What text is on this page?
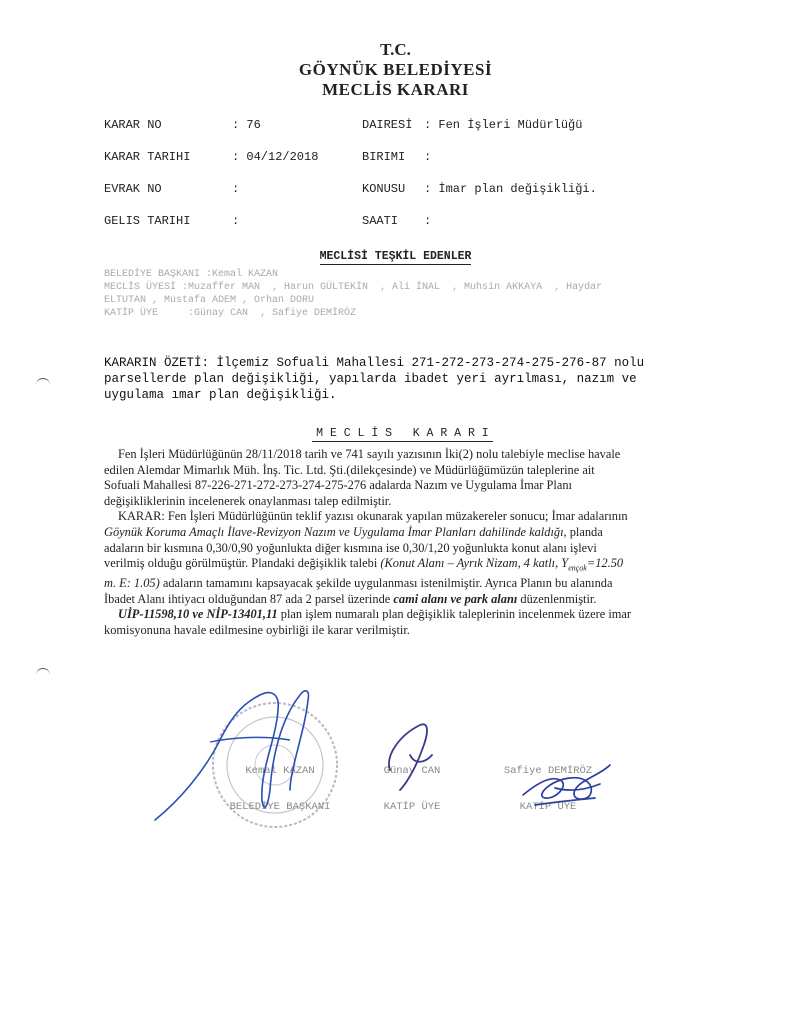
T.C.
GÖYNÜK BELEDİYESİ
MECLİS KARARI
KARAR NO	: 76	DAIRESİ : Fen İşleri Müdürlüğü
KARAR TARIHI	: 04/12/2018	BIRIMI :
EVRAK NO	:	KONUSU : İmar plan değişikliği.
GELIS TARIHI	:	SAATI :
MECLİSİ TEŞKİL EDENLER
BELEDİYE BAŞKANI :Kemal KAZAN
MECLİS ÜYESİ :Muzaffer MAN  , Harun GÜLTEKİN  , Ali İNAL  , Muhsin AKKAYA  , Haydar
ELTUTAN , Mustafa ADEM , Orhan DORU
KATİP ÜYE     :Günay CAN  , Safiye DEMİRÖZ
KARARIN ÖZETİ: İlçemiz Sofuali Mahallesi 271-272-273-274-275-276-87 nolu
parsellerde plan değişikliği, yapılarda ibadet yeri ayrılması, nazım ve
uygulama ımar plan değişikliği.

M E C L İ S   K A R A R I

Fen İşleri Müdürlüğünün 28/11/2018 tarih ve 741 sayılı yazısının İki(2) nolu talebiyle meclise havale
edilen Alemdar Mimarlık Müh. İnş. Tic. Ltd. Şti.(dilekçesinde) ve Müdürlüğümüzün taleplerine ait
Sofuali Mahallesi 87-226-271-272-273-274-275-276 adalarda Nazım ve Uygulama İmar Planı
değişikliklerinin incelenerek onaylanması talep edilmiştir.
KARAR: Fen İşleri Müdürlüğünün teklif yazısı okunarak yapılan müzakereler sonucu; İmar adalarının
Göynük Koruma Amaçlı İlave-Revizyon Nazım ve Uygulama İmar Planları dahilinde kaldığı, planda
adaların bir kısmına 0,30/0,90 yoğunlukta diğer kısmına ise 0,30/1,20 yoğunlukta konut alanı işlevi
verilmiş olduğu görülmüştür. Plandaki değişiklik talebi (Konut Alanı – Ayrık Nizam, 4 katlı, $Y_{ençok}=12.50$
m. E: 1.05) adaların tamamını kapsayacak şekilde uygulanması istenilmiştir. Ayrıca Planın bu alanında
İbadet Alanı ihtiyacı olduğundan 87 ada 2 parsel üzerinde cami alanı ve park alanı düzenlenmiştir.
UİP-11598,10 ve NİP-13401,11 plan işlem numaralı plan değişiklik taleplerinin incelenmek üzere imar
komisyonuna havale edilmesine oybirliği ile karar verilmiştir.

Kemal KAZAN

BELEDİYE BAŞKANI

Günay CAN

KATİP ÜYE

Safiye DEMİRÖZ

KATİP ÜYE
